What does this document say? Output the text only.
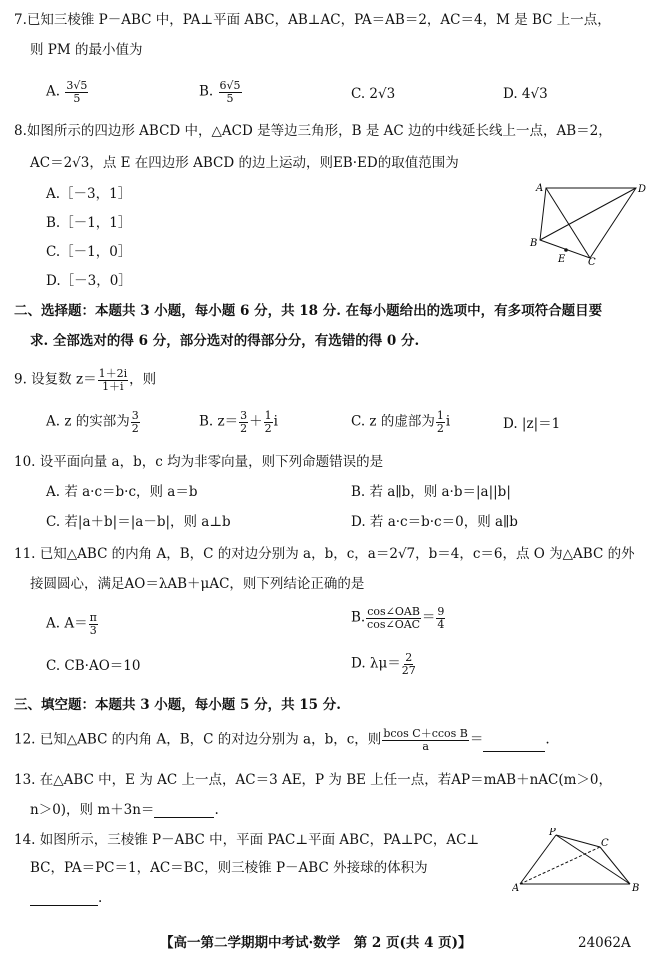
7.已知三棱锥 P－ABC 中，PA⊥平面 ABC，AB⊥AC，PA＝AB＝2，AC＝4，M 是 BC 上一点，
则 PM 的最小值为
A. $\frac{3√5}{5}$	B. $\frac{6√5}{5}$	C. 2√3	D. 4√3
8.如图所示的四边形 ABCD 中，△ACD 是等边三角形，B 是 AC 边的中线延长线上一点，AB＝2，
AC＝2√3，点 E 在四边形 ABCD 的边上运动，则EB·ED的取值范围为
A.［－3，1］
B.［－1，1］
C.［－1，0］
D.［－3，0］
A	D
B
E C
二、选择题：本题共 3 小题，每小题 6 分，共 18 分. 在每小题给出的选项中，有多项符合题目要
求. 全部选对的得 6 分，部分选对的得部分分，有选错的得 0 分.
9. 设复数 $z= \frac{1+2i}{1+i}$ ，则
A. z 的实部为 $\frac{3}{2}$	B. $z= \frac{3}{2} + \frac{1}{2}$ i	C. z 的虚部为 $\frac{1}{2}$ i	D. |z|＝1
10. 设平面向量 a，b，c 均为非零向量，则下列命题错误的是
A. 若 a·c＝b·c，则 a＝b	B. 若 a∥b，则 a·b＝|a||b|
C. 若|a＋b|＝|a－b|，则 a⊥b	D. 若 a·c＝b·c＝0，则 a∥b
11. 已知△ABC 的内角 A，B，C 的对边分别为 a，b，c，a＝2√7，b＝4，c＝6，点 O 为△ABC 的外
接圆圆心，满足AO＝λAB＋μAC，则下列结论正确的是
A. $A= \frac{\pi}{3}$	B. $\frac{\text{cos∠OAB}}{\text{cos∠OAC}} = \frac{9}{4}$
C. CB·AO＝10	D. $\lambda\mu= \frac{2}{27}$
三、填空题：本题共 3 小题，每小题 5 分，共 15 分.
12. 已知△ABC 的内角 A，B，C 的对边分别为 a，b，c，则 $\frac{\text{bcos C＋ccos B}}{a}$ ＝	.
13. 在△ABC 中，E 为 AC 上一点，AC＝3 AE，P 为 BE 上任一点，若AP＝mAB＋nAC(m＞0，
n＞0)，则 m＋3n＝	.
14. 如图所示，三棱锥 P－ABC 中，平面 PAC⊥平面 ABC，PA⊥PC，AC⊥
BC，PA＝PC＝1，AC＝BC，则三棱锥 P－ABC 外接球的体积为
.
P
C
A	B
【高一第二学期期中考试·数学　第 2 页(共 4 页)】	24062A
